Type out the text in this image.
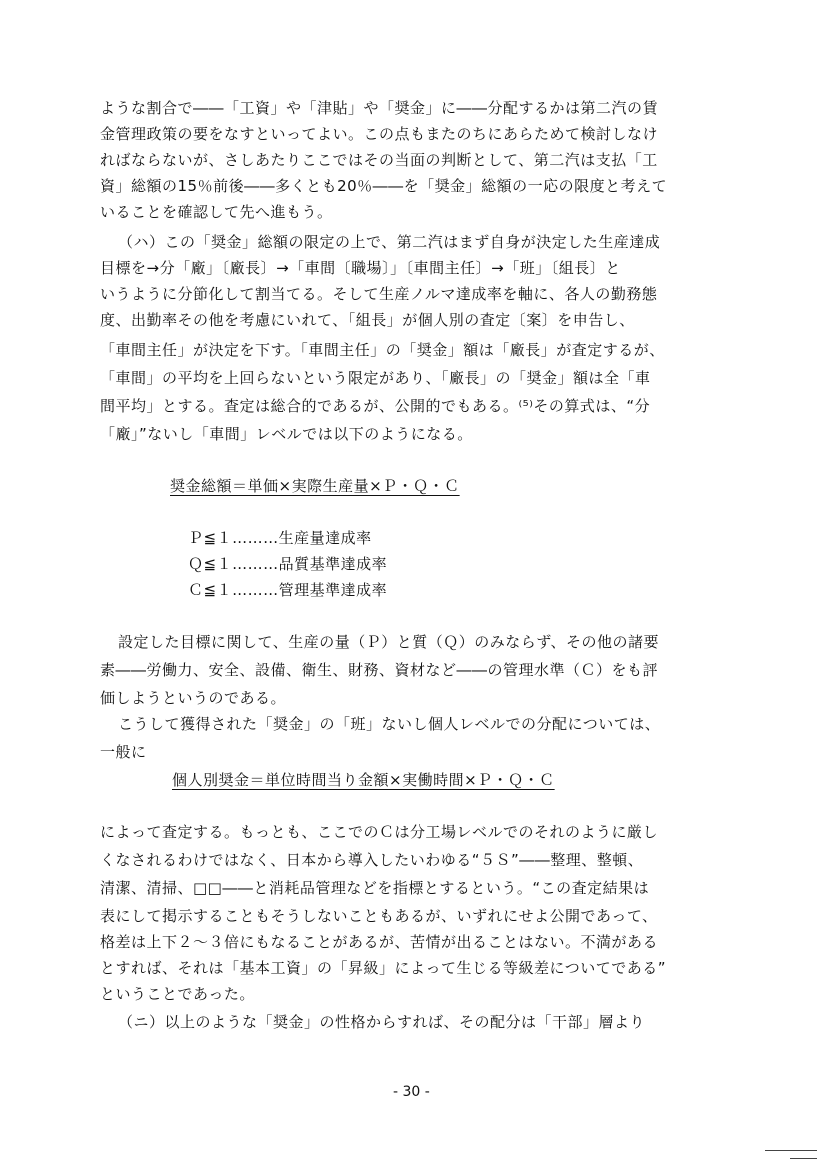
ような割合で――「工資」や「津貼」や「奨金」に――分配するかは第二汽の賃
金管理政策の要をなすといってよい。この点もまたのちにあらためて検討しなけ
ればならないが、さしあたりここではその当面の判断として、第二汽は支払「工
資」総額の15％前後――多くとも20％――を「奨金」総額の一応の限度と考えて
いることを確認して先へ進もう。
（ハ）この「奨金」総額の限定の上で、第二汽はまず自身が決定した生産達成
目標を→分「廠」〔廠長〕→「車間〔職場〕」〔車間主任〕→「班」〔組長〕と
いうように分節化して割当てる。そして生産ノルマ達成率を軸に、各人の勤務態
度、出勤率その他を考慮にいれて、「組長」が個人別の査定〔案〕を申告し、
「車間主任」が決定を下す。「車間主任」の「奨金」額は「廠長」が査定するが、
「車間」の平均を上回らないという限定があり、「廠長」の「奨金」額は全「車
間平均」とする。査定は総合的であるが、公開的でもある。⁽⁵⁾その算式は、“分
「廠」”ないし「車間」レベルでは以下のようになる。
奨金総額＝単価×実際生産量×Ｐ・Ｑ・Ｃ
Ｐ≦１………生産量達成率
Ｑ≦１………品質基準達成率
Ｃ≦１………管理基準達成率
設定した目標に関して、生産の量（Ｐ）と質（Ｑ）のみならず、その他の諸要
素――労働力、安全、設備、衛生、財務、資材など――の管理水準（Ｃ）をも評
価しようというのである。
こうして獲得された「奨金」の「班」ないし個人レベルでの分配については、
一般に
個人別奨金＝単位時間当り金額×実働時間×Ｐ・Ｑ・Ｃ
によって査定する。もっとも、ここでのＣは分工場レベルでのそれのように厳し
くなされるわけではなく、日本から導入したいわゆる“５Ｓ”――整理、整頓、
清潔、清掃、□□――と消耗品管理などを指標とするという。“この査定結果は
表にして掲示することもそうしないこともあるが、いずれにせよ公開であって、
格差は上下２～３倍にもなることがあるが、苦情が出ることはない。不満がある
とすれば、それは「基本工資」の「昇級」によって生じる等級差についてである”
ということであった。
（ニ）以上のような「奨金」の性格からすれば、その配分は「干部」層より
- 30 -
